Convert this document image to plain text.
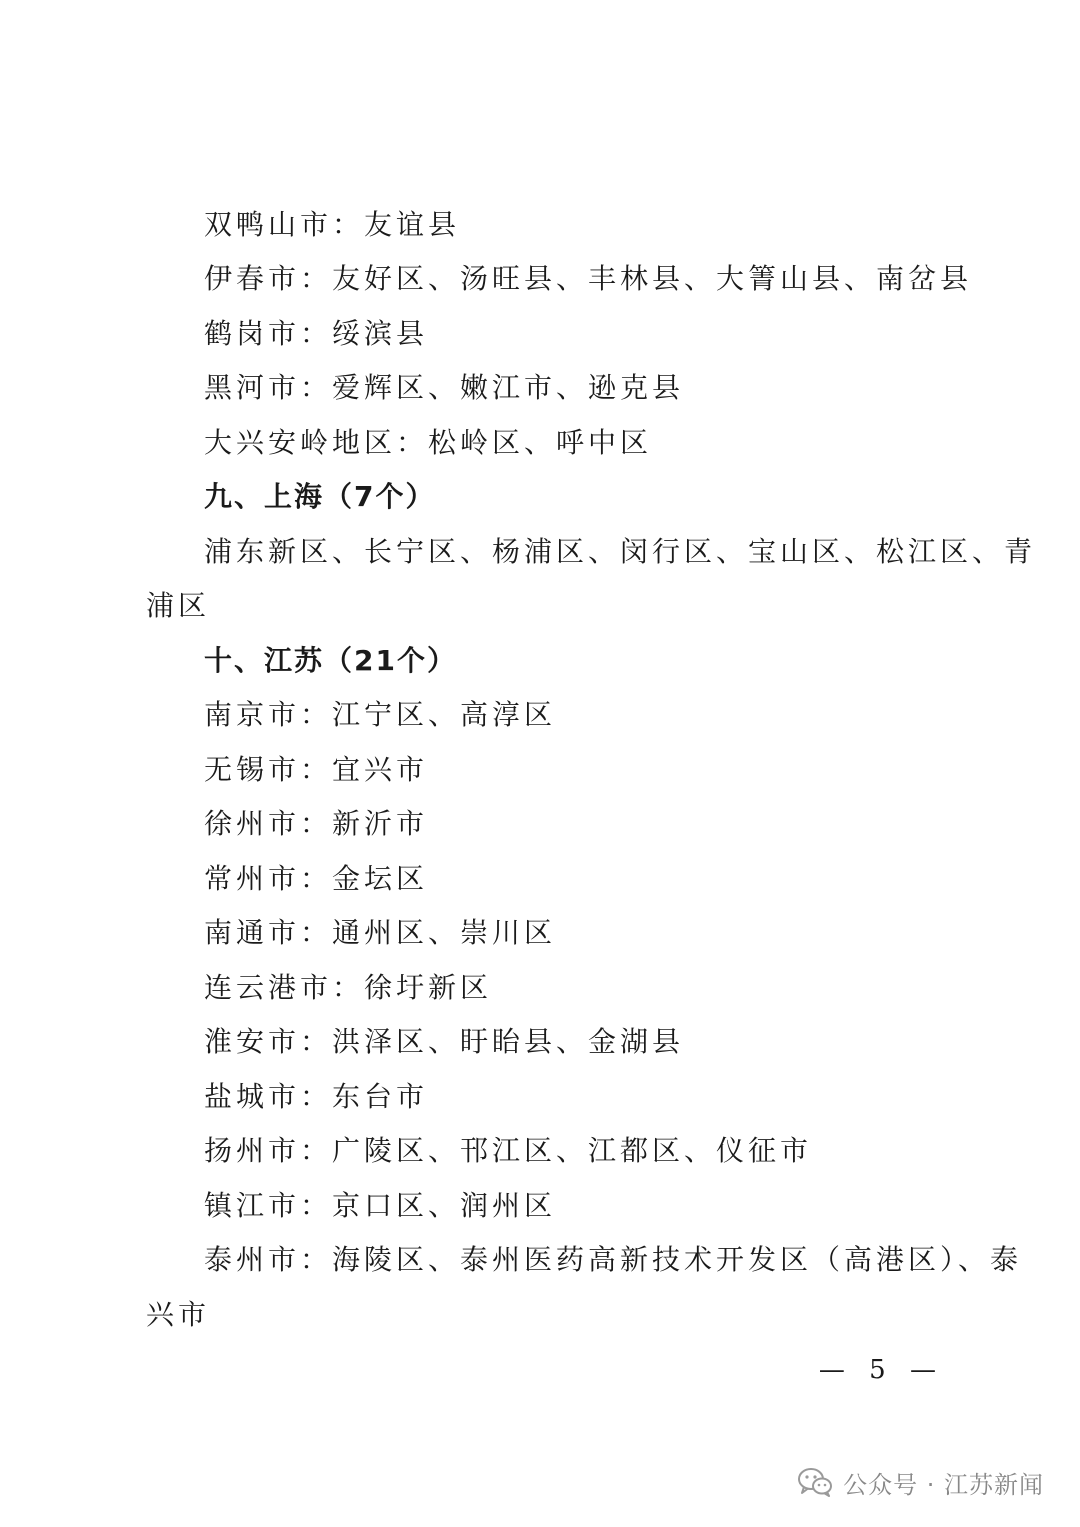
双鸭山市：友谊县
伊春市：友好区、汤旺县、丰林县、大箐山县、南岔县
鹤岗市：绥滨县
黑河市：爱辉区、嫩江市、逊克县
大兴安岭地区：松岭区、呼中区
九、上海（7个）
浦东新区、长宁区、杨浦区、闵行区、宝山区、松江区、青
浦区
十、江苏（21个）
南京市：江宁区、高淳区
无锡市：宜兴市
徐州市：新沂市
常州市：金坛区
南通市：通州区、崇川区
连云港市：徐圩新区
淮安市：洪泽区、盱眙县、金湖县
盐城市：东台市
扬州市：广陵区、邗江区、江都区、仪征市
镇江市：京口区、润州区
泰州市：海陵区、泰州医药高新技术开发区（高港区）、泰
兴市
— 5 —
公众号 · 江苏新闻
